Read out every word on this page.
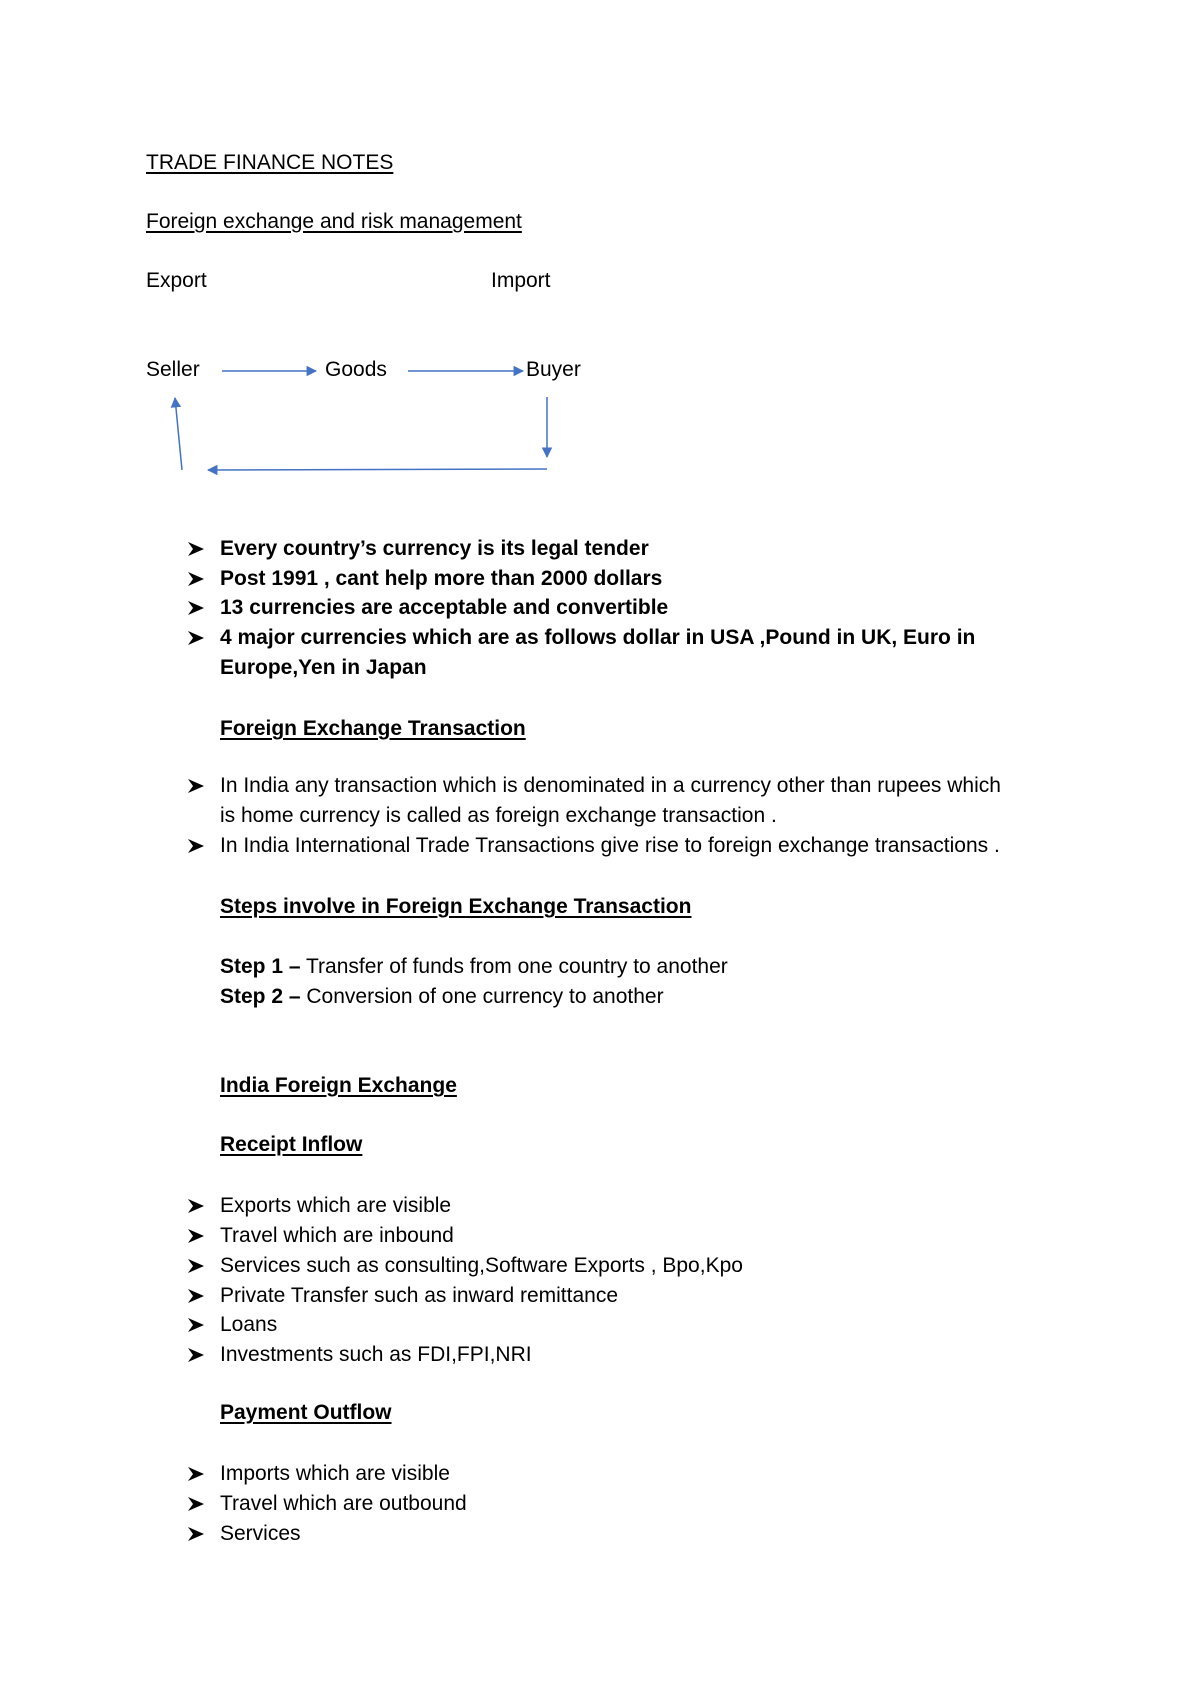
TRADE FINANCE NOTES
Foreign exchange and risk management
Export	Import
Seller	Goods	Buyer
Every country’s currency is its legal tender
Post 1991 , cant help more than 2000 dollars
13 currencies are acceptable and convertible
4 major currencies which are as follows dollar in USA ,Pound in UK, Euro in
Europe,Yen in Japan
Foreign Exchange Transaction
In India any transaction which is denominated in a currency other than rupees which
is home currency is called as foreign exchange transaction .
In India International Trade Transactions give rise to foreign exchange transactions .
Steps involve in Foreign Exchange Transaction
Step 1 – Transfer of funds from one country to another
Step 2 – Conversion of one currency to another
India Foreign Exchange
Receipt Inflow
Exports which are visible
Travel which are inbound
Services such as consulting,Software Exports , Bpo,Kpo
Private Transfer such as inward remittance
Loans
Investments such as FDI,FPI,NRI
Payment Outflow
Imports which are visible
Travel which are outbound
Services
